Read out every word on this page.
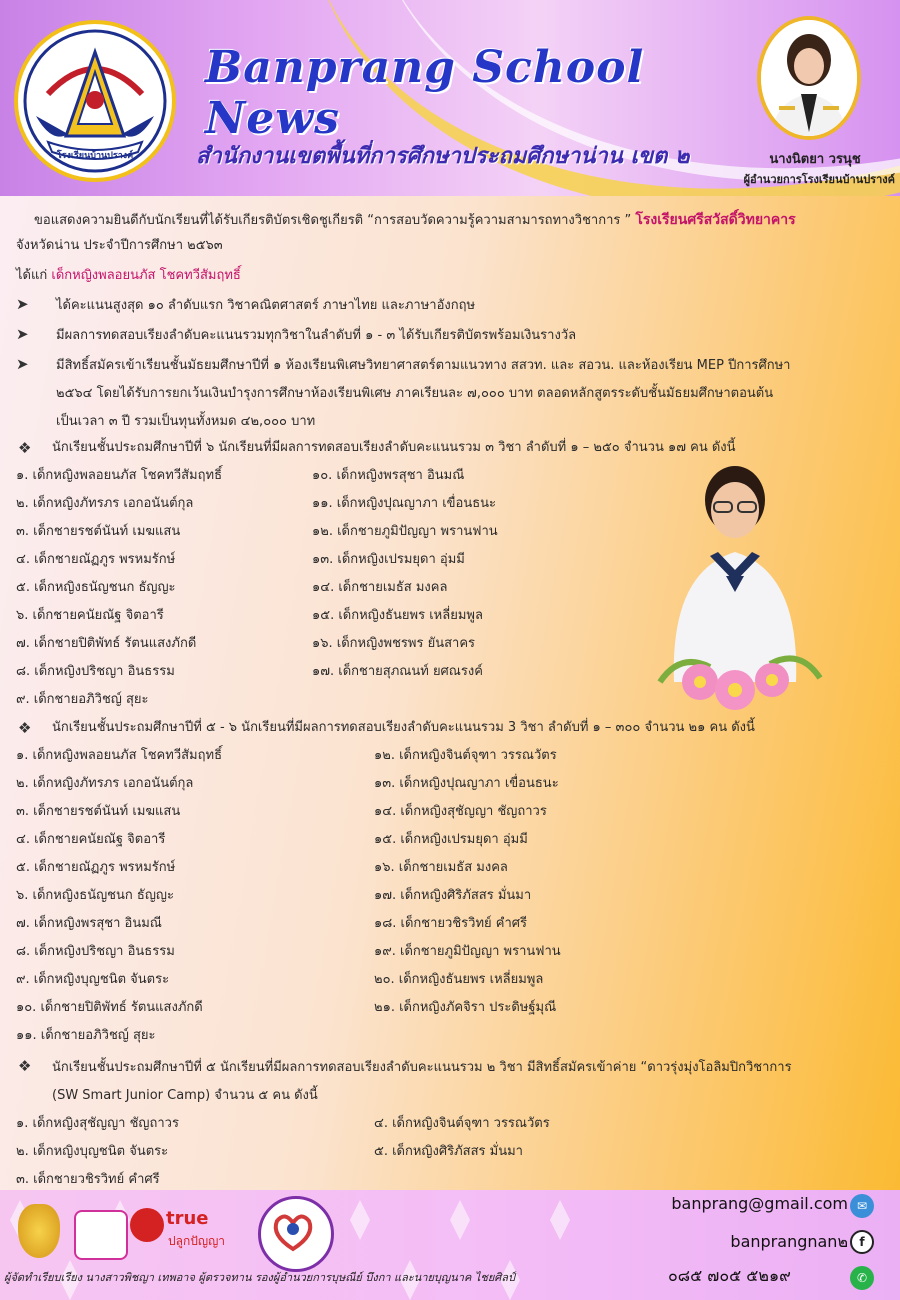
โรงเรียนบ้านปรางค์
Banprang School News
สำนักงานเขตพื้นที่การศึกษาประถมศึกษาน่าน เขต ๒	นางนิตยา วรนุช
ผู้อำนวยการโรงเรียนบ้านปรางค์
ขอแสดงความยินดีกับนักเรียนที่ได้รับเกียรติบัตรเชิดชูเกียรติ “การสอบวัดความรู้ความสามารถทางวิชาการ ” โรงเรียนศรีสวัสดิ์วิทยาคาร
จังหวัดน่าน ประจำปีการศึกษา ๒๕๖๓
ได้แก่ เด็กหญิงพลอยนภัส โชคทวีสัมฤทธิ์
➤ ได้คะแนนสูงสุด ๑๐ ลำดับแรก วิชาคณิตศาสตร์ ภาษาไทย และภาษาอังกฤษ
➤ มีผลการทดสอบเรียงลำดับคะแนนรวมทุกวิชาในลำดับที่ ๑ - ๓ ได้รับเกียรติบัตรพร้อมเงินรางวัล
➤ มีสิทธิ์สมัครเข้าเรียนชั้นมัธยมศึกษาปีที่ ๑ ห้องเรียนพิเศษวิทยาศาสตร์ตามแนวทาง สสวท. และ สอวน. และห้องเรียน MEP ปีการศึกษา
๒๕๖๔ โดยได้รับการยกเว้นเงินบำรุงการศึกษาห้องเรียนพิเศษ ภาคเรียนละ ๗,๐๐๐ บาท ตลอดหลักสูตรระดับชั้นมัธยมศึกษาตอนต้น
เป็นเวลา ๓ ปี รวมเป็นทุนทั้งหมด ๔๒,๐๐๐ บาท
❖ นักเรียนชั้นประถมศึกษาปีที่ ๖ นักเรียนที่มีผลการทดสอบเรียงลำดับคะแนนรวม ๓ วิชา ลำดับที่ ๑ – ๒๕๐ จำนวน ๑๗ คน ดังนี้
๑. เด็กหญิงพลอยนภัส โชคทวีสัมฤทธิ์
๒. เด็กหญิงภัทรภร เอกอนันต์กุล
๓. เด็กชายรชต์นันท์ เมฆแสน
๔. เด็กชายณัฏภูร พรหมรักษ์
๕. เด็กหญิงธนัญชนก ธัญญะ
๖. เด็กชายคนัยณัฐ จิตอารี
๗. เด็กชายปิติพัทธ์ รัตนแสงภักดี
๘. เด็กหญิงปริชญา อินธรรม
๙. เด็กชายอภิวิชญ์ สุยะ
๑๐. เด็กหญิงพรสุชา อินมณี
๑๑. เด็กหญิงปุณญาภา เขื่อนธนะ
๑๒. เด็กชายภูมิปัญญา พรานฟาน
๑๓. เด็กหญิงเปรมยุดา อุ่มมี
๑๔. เด็กชายเมธัส มงคล
๑๕. เด็กหญิงธันยพร เหลี่ยมพูล
๑๖. เด็กหญิงพชรพร ยันสาคร
๑๗. เด็กชายสุภณนท์ ยศณรงค์
❖ นักเรียนชั้นประถมศึกษาปีที่ ๕ - ๖ นักเรียนที่มีผลการทดสอบเรียงลำดับคะแนนรวม 3 วิชา ลำดับที่ ๑ – ๓๐๐ จำนวน ๒๑ คน ดังนี้
๑. เด็กหญิงพลอยนภัส โชคทวีสัมฤทธิ์
๒. เด็กหญิงภัทรภร เอกอนันต์กุล
๓. เด็กชายรชต์นันท์ เมฆแสน
๔. เด็กชายคนัยณัฐ จิตอารี
๕. เด็กชายณัฏภูร พรหมรักษ์
๖. เด็กหญิงธนัญชนก ธัญญะ
๗. เด็กหญิงพรสุชา อินมณี
๘. เด็กหญิงปริชญา อินธรรม
๙. เด็กหญิงบุญชนิต จันตระ
๑๐. เด็กชายปิติพัทธ์ รัตนแสงภักดี
๑๑. เด็กชายอภิวิชญ์ สุยะ
๑๒. เด็กหญิงจินต์จุฑา วรรณวัตร
๑๓. เด็กหญิงปุณญาภา เขื่อนธนะ
๑๔. เด็กหญิงสุชัญญา ชัญถาวร
๑๕. เด็กหญิงเปรมยุดา อุ่มมี
๑๖. เด็กชายเมธัส มงคล
๑๗. เด็กหญิงศิริภัสสร มั่นมา
๑๘. เด็กชายวชิรวิทย์ คำศรี
๑๙. เด็กชายภูมิปัญญา พรานฟาน
๒๐. เด็กหญิงธันยพร เหลี่ยมพูล
๒๑. เด็กหญิงภัคจิรา ประดิษฐ์มุณี
❖ นักเรียนชั้นประถมศึกษาปีที่ ๕ นักเรียนที่มีผลการทดสอบเรียงลำดับคะแนนรวม ๒ วิชา มีสิทธิ์สมัครเข้าค่าย “ดาวรุ่งมุ่งโอลิมปิกวิชาการ
(SW Smart Junior Camp) จำนวน ๕ คน ดังนี้
๑. เด็กหญิงสุชัญญา ชัญถาวร
๒. เด็กหญิงบุญชนิต จันตระ
๓. เด็กชายวชิรวิทย์ คำศรี
๔. เด็กหญิงจินต์จุฑา วรรณวัตร
๕. เด็กหญิงศิริภัสสร มั่นมา
true
ปลูกปัญญา
banprang@gmail.com ✉
banprangnan๒ f
ผู้จัดทำเรียบเรียง นางสาวพิชญา เทพอาจ ผู้ตรวจทาน รองผู้อำนวยการบุษณีย์ บึงกา และนายบุญนาค ไชยศิลป์	๐๘๕ ๗๐๕ ๕๒๑๙	✆
